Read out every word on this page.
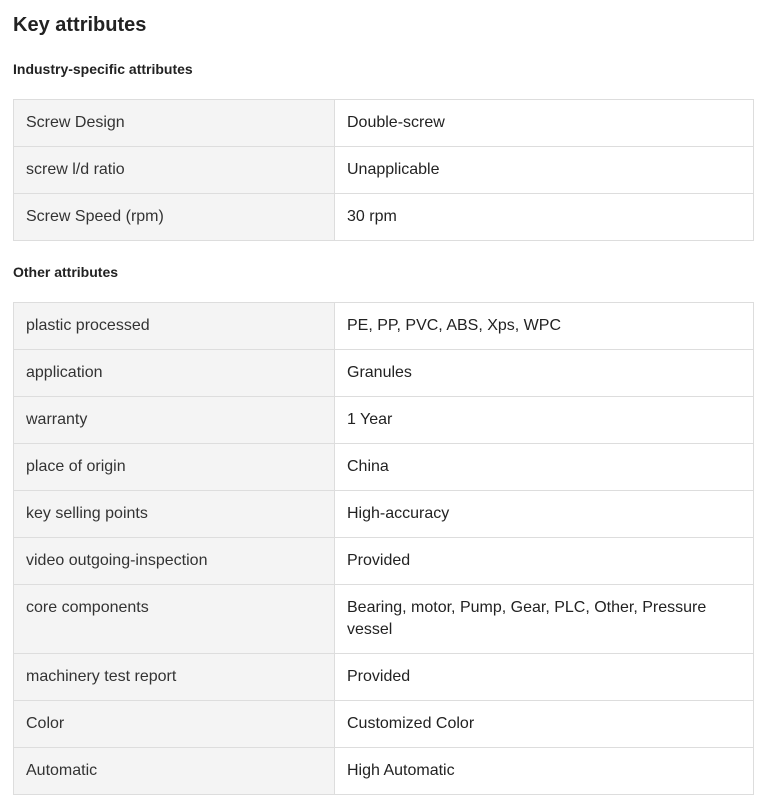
Key attributes
Industry-specific attributes
Screw Design	Double-screw
screw l/d ratio	Unapplicable
Screw Speed (rpm)	30 rpm
Other attributes
plastic processed	PE, PP, PVC, ABS, Xps, WPC
application	Granules
warranty	1 Year
place of origin	China
key selling points	High-accuracy
video outgoing-inspection	Provided
core components	Bearing, motor, Pump, Gear, PLC, Other, Pressure vessel
machinery test report	Provided
Color	Customized Color
Automatic	High Automatic
